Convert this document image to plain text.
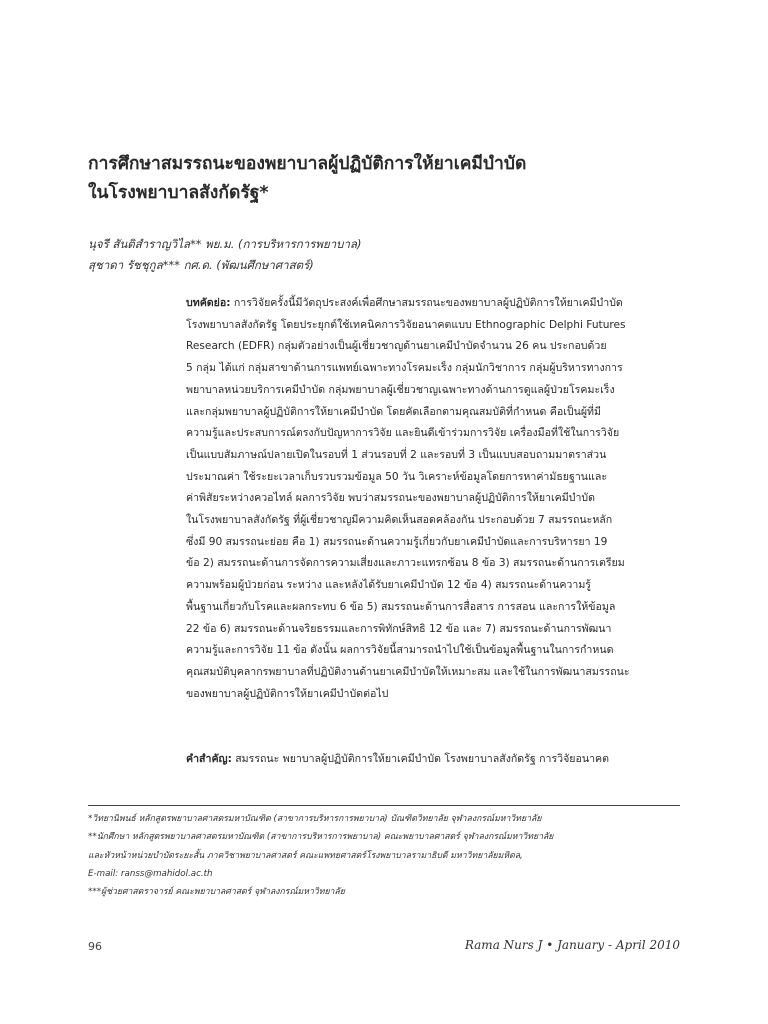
การศึกษาสมรรถนะของพยาบาลผู้ปฏิบัติการให้ยาเคมีบำบัด
ในโรงพยาบาลสังกัดรัฐ*
นุจรี สันติสำราญวิไล** พย.ม. (การบริหารการพยาบาล)
สุชาดา รัชชุกูล*** กศ.ด. (พัฒนศึกษาศาสตร์)
บทคัดย่อ: การวิจัยครั้งนี้มีวัตถุประสงค์เพื่อศึกษาสมรรถนะของพยาบาลผู้ปฏิบัติการให้ยาเคมีบำบัด
โรงพยาบาลสังกัดรัฐ โดยประยุกต์ใช้เทคนิคการวิจัยอนาคตแบบ Ethnographic Delphi Futures
Research (EDFR) กลุ่มตัวอย่างเป็นผู้เชี่ยวชาญด้านยาเคมีบำบัดจำนวน 26 คน ประกอบด้วย
5 กลุ่ม ได้แก่ กลุ่มสาขาด้านการแพทย์เฉพาะทางโรคมะเร็ง กลุ่มนักวิชาการ กลุ่มผู้บริหารทางการ
พยาบาลหน่วยบริการเคมีบำบัด กลุ่มพยาบาลผู้เชี่ยวชาญเฉพาะทางด้านการดูแลผู้ป่วยโรคมะเร็ง
และกลุ่มพยาบาลผู้ปฏิบัติการให้ยาเคมีบำบัด โดยคัดเลือกตามคุณสมบัติที่กำหนด คือเป็นผู้ที่มี
ความรู้และประสบการณ์ตรงกับปัญหาการวิจัย และยินดีเข้าร่วมการวิจัย เครื่องมือที่ใช้ในการวิจัย
เป็นแบบสัมภาษณ์ปลายเปิดในรอบที่ 1 ส่วนรอบที่ 2 และรอบที่ 3 เป็นแบบสอบถามมาตราส่วน
ประมาณค่า ใช้ระยะเวลาเก็บรวบรวมข้อมูล 50 วัน วิเคราะห์ข้อมูลโดยการหาค่ามัธยฐานและ
ค่าพิสัยระหว่างควอไทล์ ผลการวิจัย พบว่าสมรรถนะของพยาบาลผู้ปฏิบัติการให้ยาเคมีบำบัด
ในโรงพยาบาลสังกัดรัฐ ที่ผู้เชี่ยวชาญมีความคิดเห็นสอดคล้องกัน ประกอบด้วย 7 สมรรถนะหลัก
ซึ่งมี 90 สมรรถนะย่อย คือ 1) สมรรถนะด้านความรู้เกี่ยวกับยาเคมีบำบัดและการบริหารยา 19
ข้อ 2) สมรรถนะด้านการจัดการความเสี่ยงและภาวะแทรกซ้อน 8 ข้อ 3) สมรรถนะด้านการเตรียม
ความพร้อมผู้ป่วยก่อน ระหว่าง และหลังได้รับยาเคมีบำบัด 12 ข้อ 4) สมรรถนะด้านความรู้
พื้นฐานเกี่ยวกับโรคและผลกระทบ 6 ข้อ 5) สมรรถนะด้านการสื่อสาร การสอน และการให้ข้อมูล
22 ข้อ 6) สมรรถนะด้านจริยธรรมและการพิทักษ์สิทธิ 12 ข้อ และ 7) สมรรถนะด้านการพัฒนา
ความรู้และการวิจัย 11 ข้อ ดังนั้น ผลการวิจัยนี้สามารถนำไปใช้เป็นข้อมูลพื้นฐานในการกำหนด
คุณสมบัติบุคลากรพยาบาลที่ปฏิบัติงานด้านยาเคมีบำบัดให้เหมาะสม และใช้ในการพัฒนาสมรรถนะ
ของพยาบาลผู้ปฏิบัติการให้ยาเคมีบำบัดต่อไป
คำสำคัญ: สมรรถนะ พยาบาลผู้ปฏิบัติการให้ยาเคมีบำบัด โรงพยาบาลสังกัดรัฐ การวิจัยอนาคต
*วิทยานิพนธ์ หลักสูตรพยาบาลศาสตรมหาบัณฑิต (สาขาการบริหารการพยาบาล) บัณฑิตวิทยาลัย จุฬาลงกรณ์มหาวิทยาลัย
**นักศึกษา หลักสูตรพยาบาลศาสตรมหาบัณฑิต (สาขาการบริหารการพยาบาล) คณะพยาบาลศาสตร์ จุฬาลงกรณ์มหาวิทยาลัย
และหัวหน้าหน่วยบำบัดระยะสั้น ภาควิชาพยาบาลศาสตร์ คณะแพทยศาสตร์โรงพยาบาลรามาธิบดี มหาวิทยาลัยมหิดล,
E-mail: ranss@mahidol.ac.th
***ผู้ช่วยศาสตราจารย์ คณะพยาบาลศาสตร์ จุฬาลงกรณ์มหาวิทยาลัย
96	Rama Nurs J • January - April 2010
